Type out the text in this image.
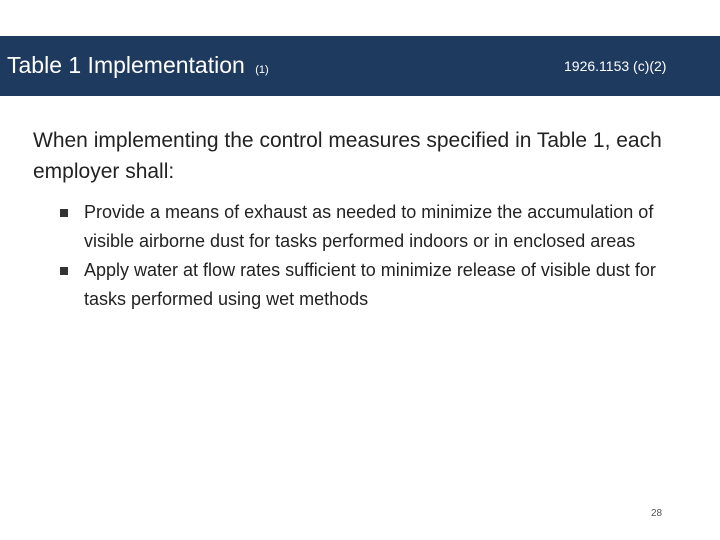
Table 1 Implementation (1)	1926.1153 (c)(2)

When implementing the control measures specified in Table 1, each employer shall:

Provide a means of exhaust as needed to minimize the accumulation of visible airborne dust for tasks performed indoors or in enclosed areas
Apply water at flow rates sufficient to minimize release of visible dust for tasks performed using wet methods
28
